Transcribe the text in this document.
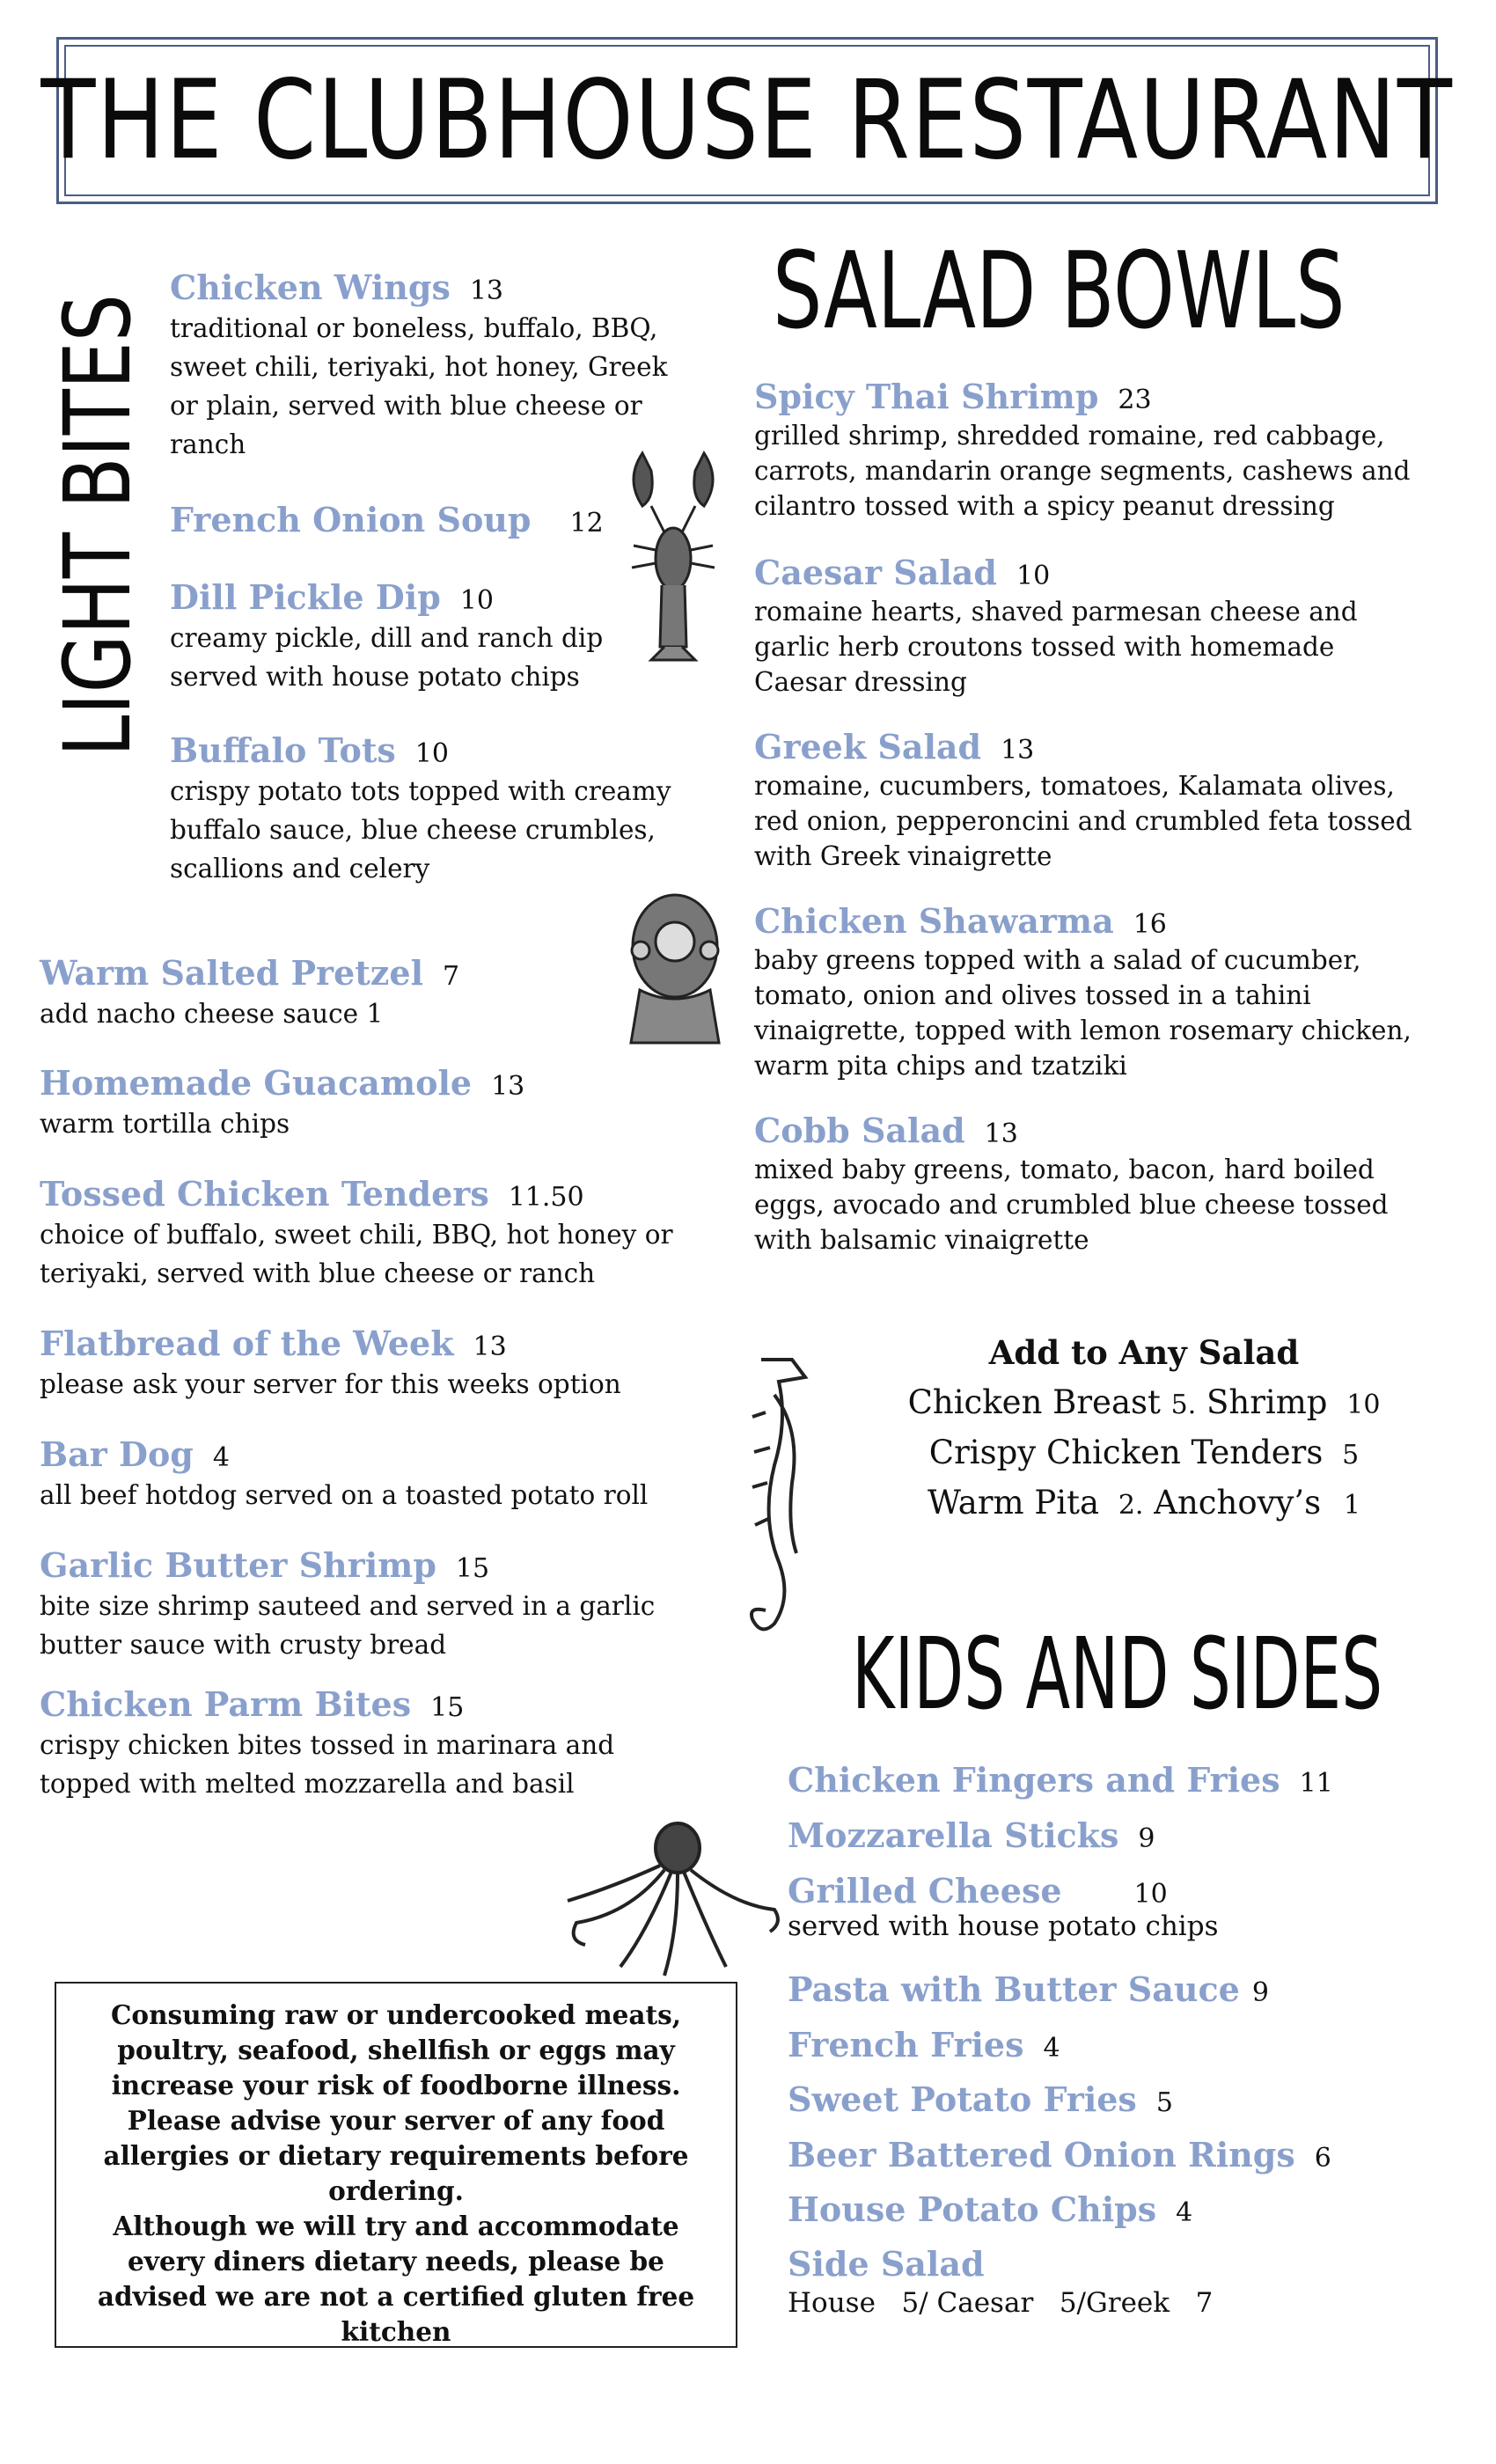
THE CLUBHOUSE RESTAURANT
LIGHT BITES
SALAD BOWLS
KIDS AND SIDES
Chicken Wings 13
traditional or boneless, buffalo, BBQ,
sweet chili, teriyaki, hot honey, Greek
or plain, served with blue cheese or
ranch
French Onion Soup 12
Dill Pickle Dip 10
creamy pickle, dill and ranch dip
served with house potato chips
Buffalo Tots 10
crispy potato tots topped with creamy
buffalo sauce, blue cheese crumbles,
scallions and celery
Warm Salted Pretzel 7
add nacho cheese sauce 1
Homemade Guacamole 13
warm tortilla chips
Tossed Chicken Tenders 11.50
choice of buffalo, sweet chili, BBQ, hot honey or
teriyaki, served with blue cheese or ranch
Flatbread of the Week 13
please ask your server for this weeks option
Bar Dog 4
all beef hotdog served on a toasted potato roll
Garlic Butter Shrimp 15
bite size shrimp sauteed and served in a garlic
butter sauce with crusty bread
Chicken Parm Bites 15
crispy chicken bites tossed in marinara and
topped with melted mozzarella and basil
Spicy Thai Shrimp 23
grilled shrimp, shredded romaine, red cabbage,
carrots, mandarin orange segments, cashews and
cilantro tossed with a spicy peanut dressing
Caesar Salad 10
romaine hearts, shaved parmesan cheese and
garlic herb croutons tossed with homemade
Caesar dressing
Greek Salad 13
romaine, cucumbers, tomatoes, Kalamata olives,
red onion, pepperoncini and crumbled feta tossed
with Greek vinaigrette
Chicken Shawarma 16
baby greens topped with a salad of cucumber,
tomato, onion and olives tossed in a tahini
vinaigrette, topped with lemon rosemary chicken,
warm pita chips and tzatziki
Cobb Salad 13
mixed baby greens, tomato, bacon, hard boiled
eggs, avocado and crumbled blue cheese tossed
with balsamic vinaigrette
Add to Any Salad
Chicken Breast 5. Shrimp 10
Crispy Chicken Tenders 5
Warm Pita 2. Anchovy’s 1
Chicken Fingers and Fries 11
Mozzarella Sticks 9
Grilled Cheese	10
served with house potato chips
Pasta with Butter Sauce 9
French Fries 4
Sweet Potato Fries 5
Beer Battered Onion Rings 6
House Potato Chips 4
Side Salad
House   5/ Caesar   5/Greek   7
Consuming raw or undercooked meats,
poultry, seafood, shellfish or eggs may
increase your risk of foodborne illness.
Please advise your server of any food
allergies or dietary requirements before
ordering.
Although we will try and accommodate
every diners dietary needs, please be
advised we are not a certified gluten free
kitchen
